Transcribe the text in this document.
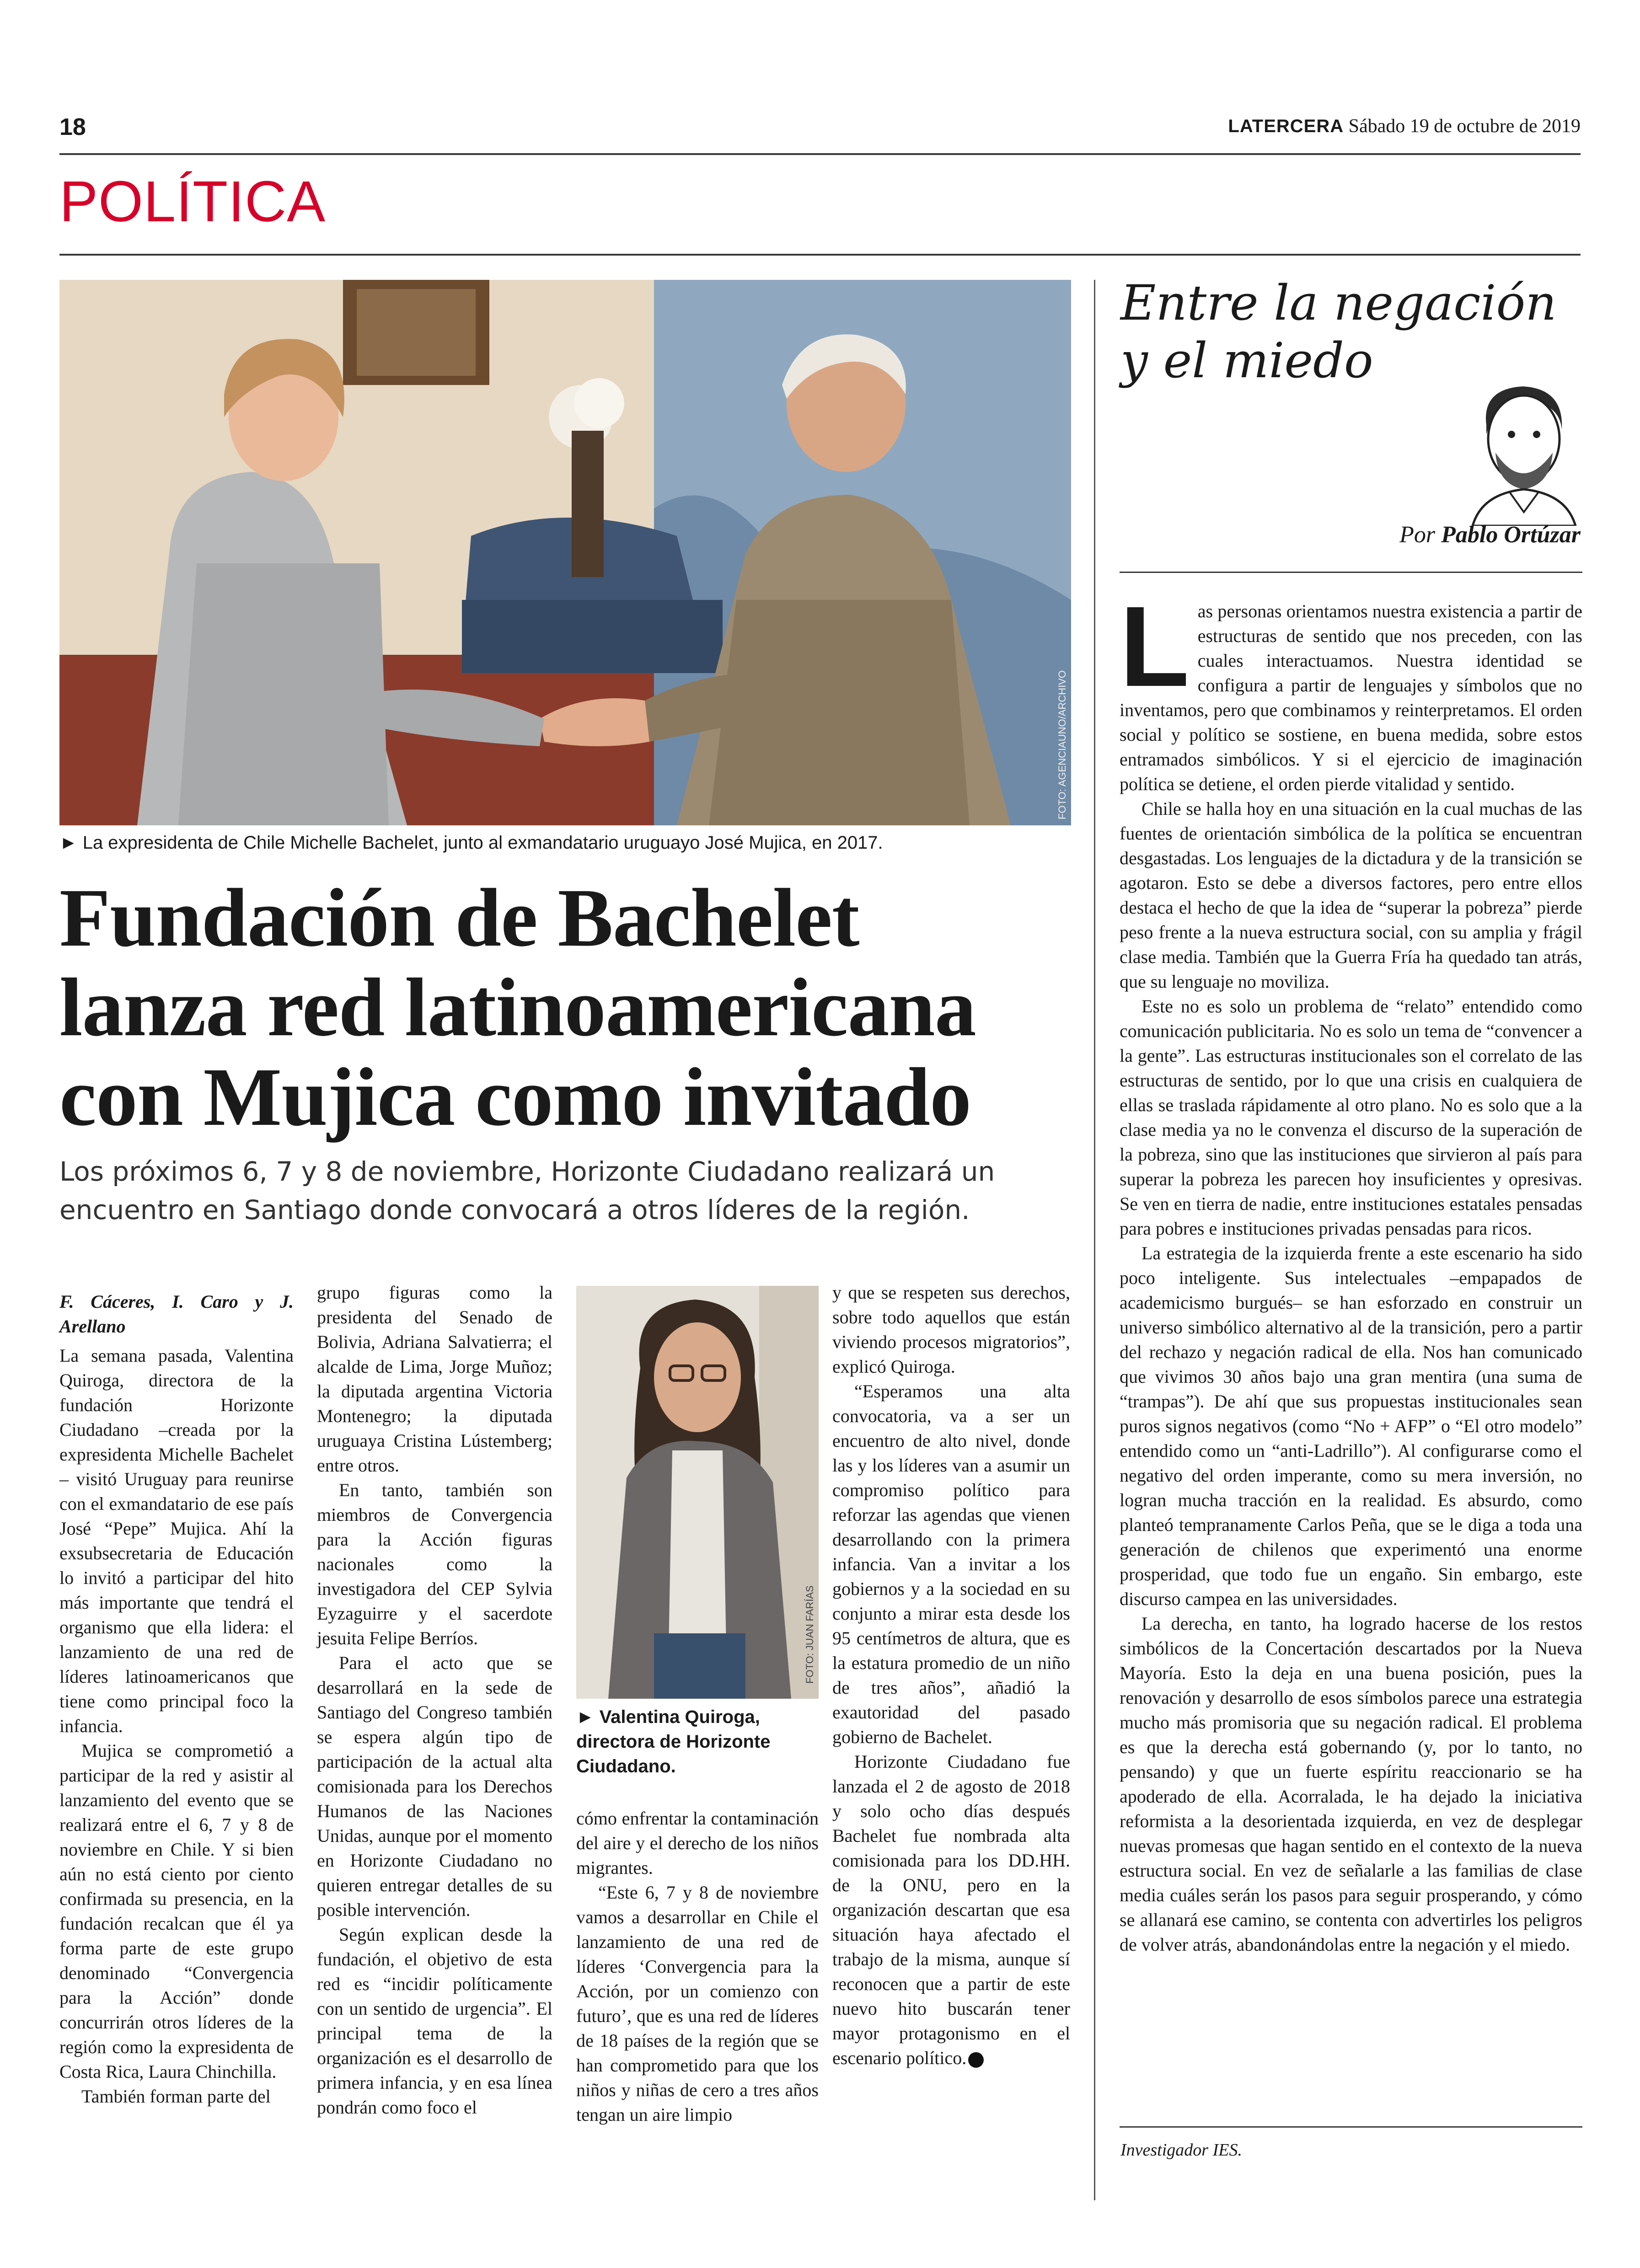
18	LATERCERA Sábado 19 de octubre de 2019
POLÍTICA
FOTO: AGENCIAUNO/ARCHIVO
► La expresidenta de Chile Michelle Bachelet, junto al exmandatario uruguayo José Mujica, en 2017.
Fundación de Bachelet
lanza red latinoamericana
con Mujica como invitado
Los próximos 6, 7 y 8 de noviembre, Horizonte Ciudadano realizará un encuentro en Santiago donde convocará a otros líderes de la región.
F. Cáceres, I. Caro y J. Arellano

La semana pasada, Valentina Quiroga, directora de la fundación Horizonte Ciudadano –creada por la expresidenta Michelle Bachelet – visitó Uruguay para reunirse con el exmandatario de ese país José “Pepe” Mujica. Ahí la exsubsecretaria de Educación lo invitó a participar del hito más importante que tendrá el organismo que ella lidera: el lanzamiento de una red de líderes latinoamericanos que tiene como principal foco la infancia.

Mujica se comprometió a participar de la red y asistir al lanzamiento del evento que se realizará entre el 6, 7 y 8 de noviembre en Chile. Y si bien aún no está ciento por ciento confirmada su presencia, en la fundación recalcan que él ya forma parte de este grupo denominado “Convergencia para la Acción” donde concurrirán otros líderes de la región como la expresidenta de Costa Rica, Laura Chinchilla.

También forman parte del

grupo figuras como la presidenta del Senado de Bolivia, Adriana Salvatierra; el alcalde de Lima, Jorge Muñoz; la diputada argentina Victoria Montenegro; la diputada uruguaya Cristina Lústemberg; entre otros.

En tanto, también son miembros de Convergencia para la Acción figuras nacionales como la investigadora del CEP Sylvia Eyzaguirre y el sacerdote jesuita Felipe Berríos.

Para el acto que se desarrollará en la sede de Santiago del Congreso también se espera algún tipo de participación de la actual alta comisionada para los Derechos Humanos de las Naciones Unidas, aunque por el momento en Horizonte Ciudadano no quieren entregar detalles de su posible intervención.

Según explican desde la fundación, el objetivo de esta red es “incidir políticamente con un sentido de urgencia”. El principal tema de la organización es el desarrollo de primera infancia, y en esa línea pondrán como foco el

FOTO: JUAN FARÍAS
► Valentina Quiroga, directora de Horizonte Ciudadano.

cómo enfrentar la contaminación del aire y el derecho de los niños migrantes.

“Este 6, 7 y 8 de noviembre vamos a desarrollar en Chile el lanzamiento de una red de líderes ‘Convergencia para la Acción, por un comienzo con futuro’, que es una red de líderes de 18 países de la región que se han comprometido para que los niños y niñas de cero a tres años tengan un aire limpio

y que se respeten sus derechos, sobre todo aquellos que están viviendo procesos migratorios”, explicó Quiroga.

“Esperamos una alta convocatoria, va a ser un encuentro de alto nivel, donde las y los líderes van a asumir un compromiso político para reforzar las agendas que vienen desarrollando con la primera infancia. Van a invitar a los gobiernos y a la sociedad en su conjunto a mirar esta desde los 95 centímetros de altura, que es la estatura promedio de un niño de tres años”, añadió la exautoridad del pasado gobierno de Bachelet.

Horizonte Ciudadano fue lanzada el 2 de agosto de 2018 y solo ocho días después Bachelet fue nombrada alta comisionada para los DD.HH. de la ONU, pero en la organización descartan que esa situación haya afectado el trabajo de la misma, aunque sí reconocen que a partir de este nuevo hito buscarán tener mayor protagonismo en el escenario político.

Entre la negación
y el miedo
Por Pablo Ortúzar

Las personas orientamos nuestra existencia a partir de estructuras de sentido que nos preceden, con las cuales interactuamos. Nuestra identidad se configura a partir de lenguajes y símbolos que no inventamos, pero que combinamos y reinterpretamos. El orden social y político se sostiene, en buena medida, sobre estos entramados simbólicos. Y si el ejercicio de imaginación política se detiene, el orden pierde vitalidad y sentido.

Chile se halla hoy en una situación en la cual muchas de las fuentes de orientación simbólica de la política se encuentran desgastadas. Los lenguajes de la dictadura y de la transición se agotaron. Esto se debe a diversos factores, pero entre ellos destaca el hecho de que la idea de “superar la pobreza” pierde peso frente a la nueva estructura social, con su amplia y frágil clase media. También que la Guerra Fría ha quedado tan atrás, que su lenguaje no moviliza.

Este no es solo un problema de “relato” entendido como comunicación publicitaria. No es solo un tema de “convencer a la gente”. Las estructuras institucionales son el correlato de las estructuras de sentido, por lo que una crisis en cualquiera de ellas se traslada rápidamente al otro plano. No es solo que a la clase media ya no le convenza el discurso de la superación de la pobreza, sino que las instituciones que sirvieron al país para superar la pobreza les parecen hoy insuficientes y opresivas. Se ven en tierra de nadie, entre instituciones estatales pensadas para pobres e instituciones privadas pensadas para ricos.

La estrategia de la izquierda frente a este escenario ha sido poco inteligente. Sus intelectuales –empapados de academicismo burgués– se han esforzado en construir un universo simbólico alternativo al de la transición, pero a partir del rechazo y negación radical de ella. Nos han comunicado que vivimos 30 años bajo una gran mentira (una suma de “trampas”). De ahí que sus propuestas institucionales sean puros signos negativos (como “No + AFP” o “El otro modelo” entendido como un “anti-Ladrillo”). Al configurarse como el negativo del orden imperante, como su mera inversión, no logran mucha tracción en la realidad. Es absurdo, como planteó tempranamente Carlos Peña, que se le diga a toda una generación de chilenos que experimentó una enorme prosperidad, que todo fue un engaño. Sin embargo, este discurso campea en las universidades.

La derecha, en tanto, ha logrado hacerse de los restos simbólicos de la Concertación descartados por la Nueva Mayoría. Esto la deja en una buena posición, pues la renovación y desarrollo de esos símbolos parece una estrategia mucho más promisoria que su negación radical. El problema es que la derecha está gobernando (y, por lo tanto, no pensando) y que un fuerte espíritu reaccionario se ha apoderado de ella. Acorralada, le ha dejado la iniciativa reformista a la desorientada izquierda, en vez de desplegar nuevas promesas que hagan sentido en el contexto de la nueva estructura social. En vez de señalarle a las familias de clase media cuáles serán los pasos para seguir prosperando, y cómo se allanará ese camino, se contenta con advertirles los peligros de volver atrás, abandonándolas entre la negación y el miedo.

Investigador IES.
